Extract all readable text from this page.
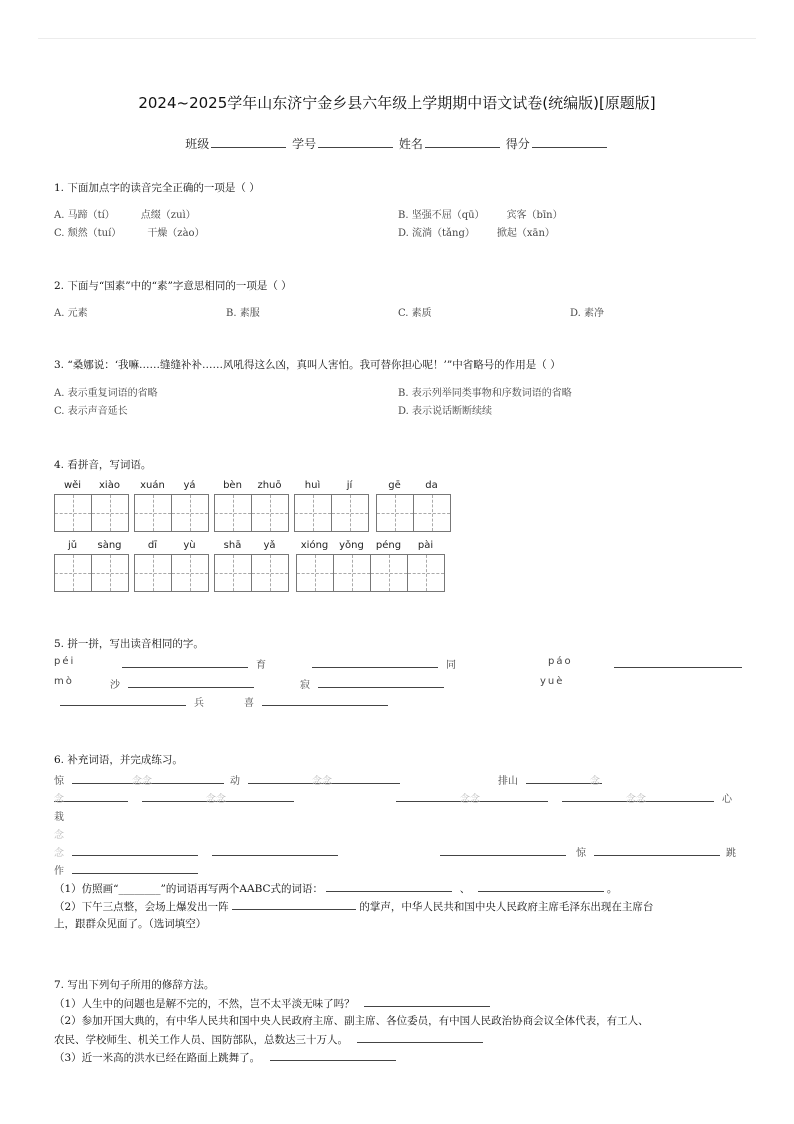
2024~2025学年山东济宁金乡县六年级上学期期中语文试卷(统编版)[原题版]
班级	学号	姓名	得分
1. 下面加点字的读音完全正确的一项是（ ）
A. 马蹄（tí）	点缀（zuì）	B. 坚强不屈（qū） 宾客（bīn）
C. 颓然（tuí）	干燥（zào）	D. 流淌（tǎng） 掀起（xān）
2. 下面与“国素”中的“素”字意思相同的一项是（ ）
A. 元素	B. 素服	C. 素质	D. 素净
3. “桑娜说：‘我嘛……缝缝补补……风吼得这么凶，真叫人害怕。我可替你担心呢！’”中省略号的作用是（ ）
A. 表示重复词语的省略	B. 表示列举同类事物和序数词语的省略
C. 表示声音延长	D. 表示说话断断续续
4. 看拼音，写词语。
wěi	xiào	xuán	yá	bèn	zhuō	huì	jí	gē	da
jǔ	sàng	dī	yù	shā	yǎ	xióng	yǒng	péng	pài
5. 拼一拼，写出读音相同的字。
péi	育	同	páo
mò	沙	寂	yuè
兵	喜
6. 补充词语，并完成练习。
惊	念念	动	念念	排山	念
念	念念	念念	念念	心
栽
念
念	惊	跳
作
（1）仿照画“________”的词语再写两个AABC式的词语：	、	。
（2）下午三点整，会场上爆发出一阵	的掌声，中华人民共和国中央人民政府主席毛泽东出现在主席台
上，跟群众见面了。（选词填空）
7. 写出下列句子所用的修辞方法。
（1）人生中的问题也是解不完的，不然，岂不太平淡无味了吗？
（2）参加开国大典的，有中华人民共和国中央人民政府主席、副主席、各位委员，有中国人民政治协商会议全体代表，有工人、
农民、学校师生、机关工作人员、国防部队，总数达三十万人。
（3）近一米高的洪水已经在路面上跳舞了。
